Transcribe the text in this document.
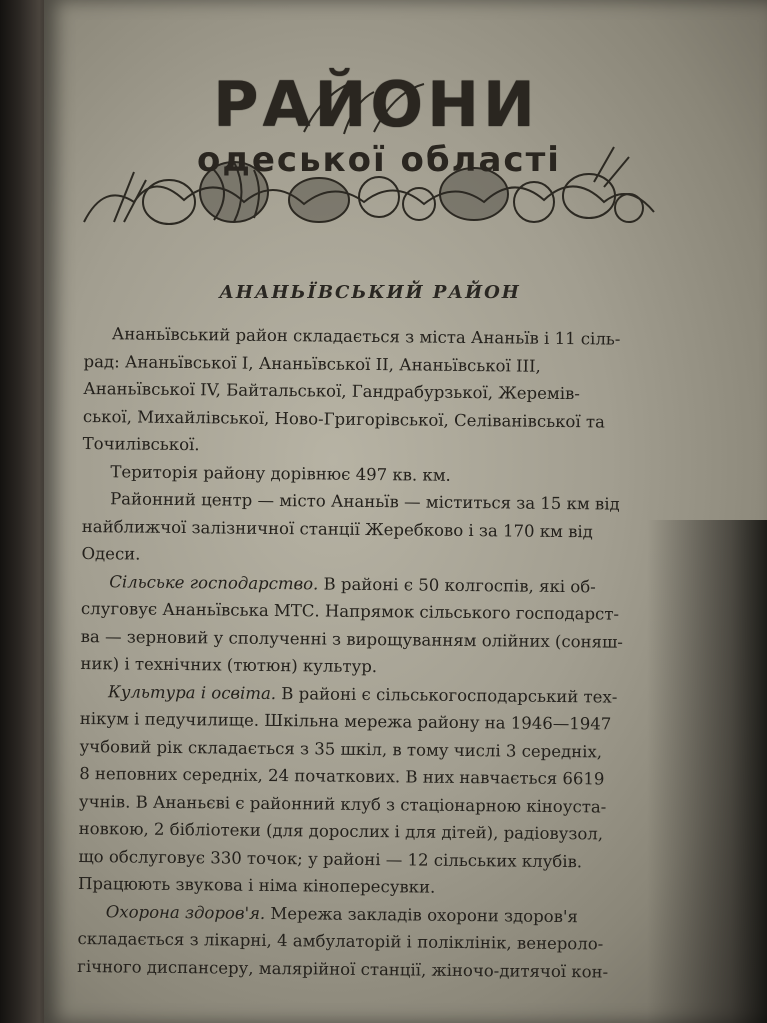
РАЙОНИ
одеської області
АНАНЬЇВСЬКИЙ РАЙОН
Ананьївський район складається з міста Ананьїв і 11 сіль-
рад: Ананьївської І, Ананьївської II, Ананьївської III,
Ананьївської IV, Байтальської, Гандрабурзької, Жеремів-
ської, Михайлівської, Ново-Григорівської, Селіванівської та
Точилівської.
Територія району дорівнює 497 кв. км.
Районний центр — місто Ананьїв — міститься за 15 км від
найближчої залізничної станції Жеребково і за 170 км від
Одеси.
Сільське господарство. В районі є 50 колгоспів, які об-
слуговує Ананьївська МТС. Напрямок сільського господарст-
ва — зерновий у сполученні з вирощуванням олійних (соняш-
ник) і технічних (тютюн) культур.
Культура і освіта. В районі є сільськогосподарський тех-
нікум і педучилище. Шкільна мережа району на 1946—1947
учбовий рік складається з 35 шкіл, в тому числі 3 середніх,
8 неповних середніх, 24 початкових. В них навчається 6619
учнів. В Ананьєві є районний клуб з стаціонарною кіноуста-
новкою, 2 бібліотеки (для дорослих і для дітей), радіовузол,
що обслуговує 330 точок; у районі — 12 сільських клубів.
Працюють звукова і німа кінопересувки.
Охорона здоров'я. Мережа закладів охорони здоров'я
складається з лікарні, 4 амбулаторій і поліклінік, венероло-
гічного диспансеру, малярійної станції, жіночо-дитячої кон-
